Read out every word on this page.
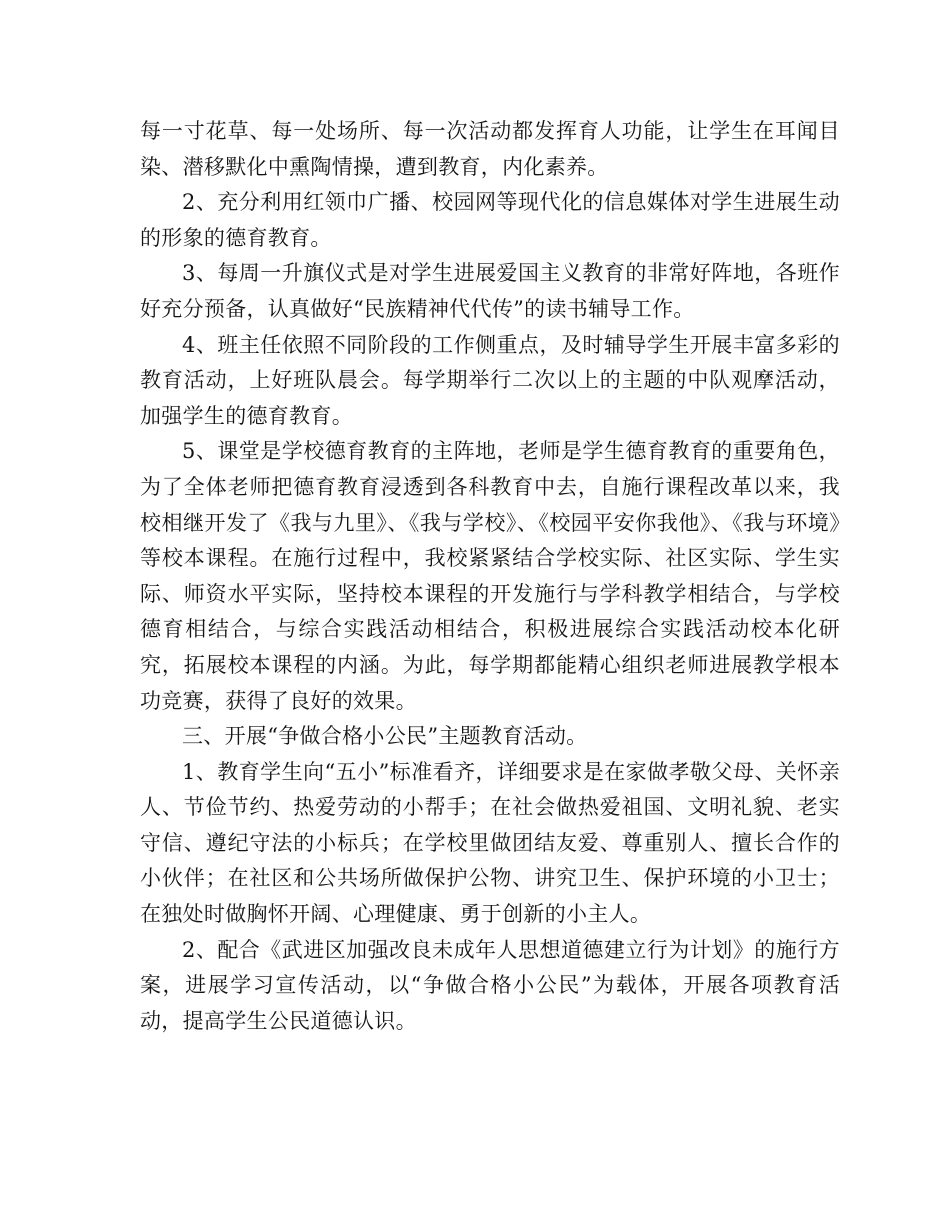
每一寸花草、每一处场所、每一次活动都发挥育人功能，让学生在耳闻目染、潜移默化中熏陶情操，遭到教育，内化素养。

2、充分利用红领巾广播、校园网等现代化的信息媒体对学生进展生动的形象的德育教育。

3、每周一升旗仪式是对学生进展爱国主义教育的非常好阵地，各班作好充分预备，认真做好“民族精神代代传”的读书辅导工作。

4、班主任依照不同阶段的工作侧重点，及时辅导学生开展丰富多彩的教育活动，上好班队晨会。每学期举行二次以上的主题的中队观摩活动，加强学生的德育教育。

5、课堂是学校德育教育的主阵地，老师是学生德育教育的重要角色，为了全体老师把德育教育浸透到各科教育中去，自施行课程改革以来，我校相继开发了《我与九里》、《我与学校》、《校园平安你我他》、《我与环境》等校本课程。在施行过程中，我校紧紧结合学校实际、社区实际、学生实际、师资水平实际，坚持校本课程的开发施行与学科教学相结合，与学校德育相结合，与综合实践活动相结合，积极进展综合实践活动校本化研究，拓展校本课程的内涵。为此，每学期都能精心组织老师进展教学根本功竞赛，获得了良好的效果。

三、开展“争做合格小公民”主题教育活动。

1、教育学生向“五小”标准看齐，详细要求是在家做孝敬父母、关怀亲人、节俭节约、热爱劳动的小帮手；在社会做热爱祖国、文明礼貌、老实守信、遵纪守法的小标兵；在学校里做团结友爱、尊重别人、擅长合作的小伙伴；在社区和公共场所做保护公物、讲究卫生、保护环境的小卫士；在独处时做胸怀开阔、心理健康、勇于创新的小主人。

2、配合《武进区加强改良未成年人思想道德建立行为计划》的施行方案，进展学习宣传活动，以“争做合格小公民”为载体，开展各项教育活动，提高学生公民道德认识。
